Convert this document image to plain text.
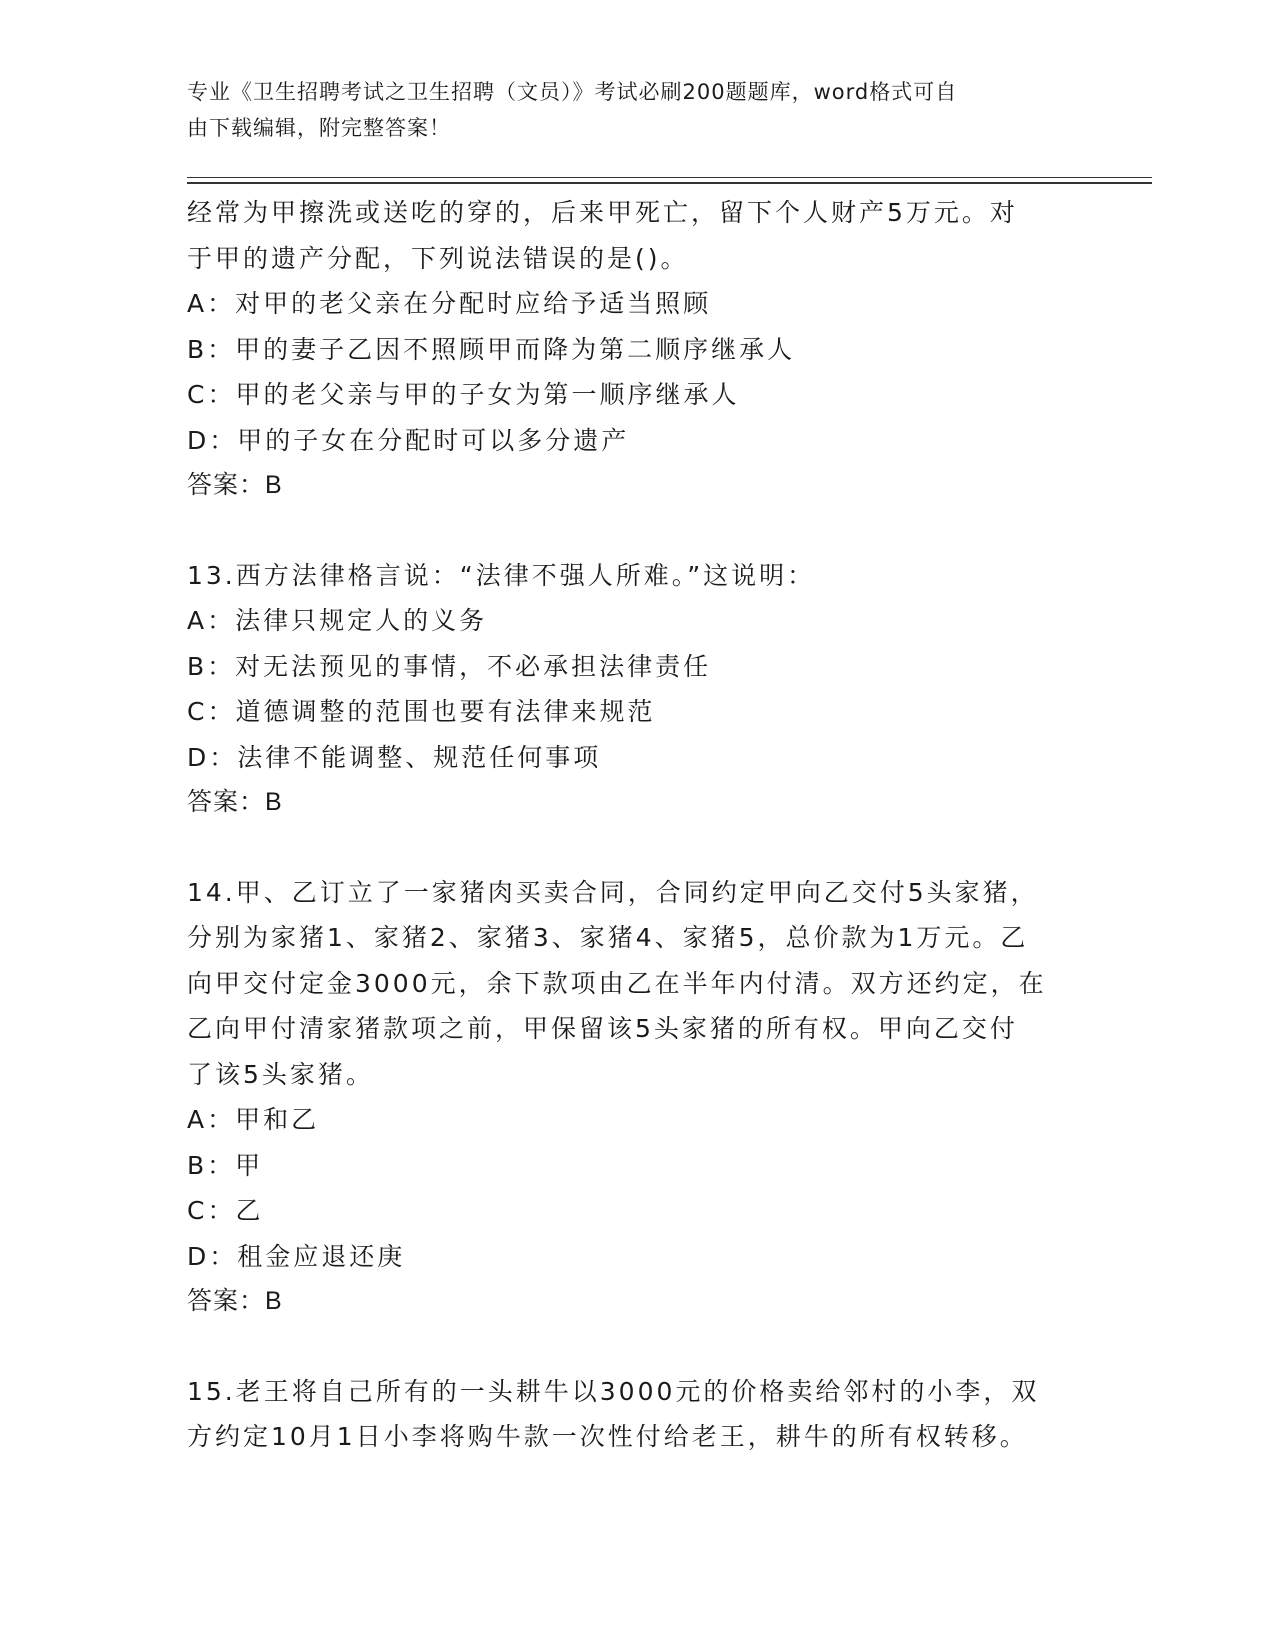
专业《卫生招聘考试之卫生招聘（文员）》考试必刷200题题库，word格式可自
由下载编辑，附完整答案！
经常为甲擦洗或送吃的穿的，后来甲死亡，留下个人财产5万元。对
于甲的遗产分配，下列说法错误的是()。
A：对甲的老父亲在分配时应给予适当照顾
B：甲的妻子乙因不照顾甲而降为第二顺序继承人
C：甲的老父亲与甲的子女为第一顺序继承人
D：甲的子女在分配时可以多分遗产
答案：B
13.西方法律格言说：“法律不强人所难。”这说明：
A：法律只规定人的义务
B：对无法预见的事情，不必承担法律责任
C：道德调整的范围也要有法律来规范
D：法律不能调整、规范任何事项
答案：B
14.甲、乙订立了一家猪肉买卖合同，合同约定甲向乙交付5头家猪，
分别为家猪1、家猪2、家猪3、家猪4、家猪5，总价款为1万元。乙
向甲交付定金3000元，余下款项由乙在半年内付清。双方还约定，在
乙向甲付清家猪款项之前，甲保留该5头家猪的所有权。甲向乙交付
了该5头家猪。
A：甲和乙
B：甲
C：乙
D：租金应退还庚
答案：B
15.老王将自己所有的一头耕牛以3000元的价格卖给邻村的小李，双
方约定10月1日小李将购牛款一次性付给老王，耕牛的所有权转移。
